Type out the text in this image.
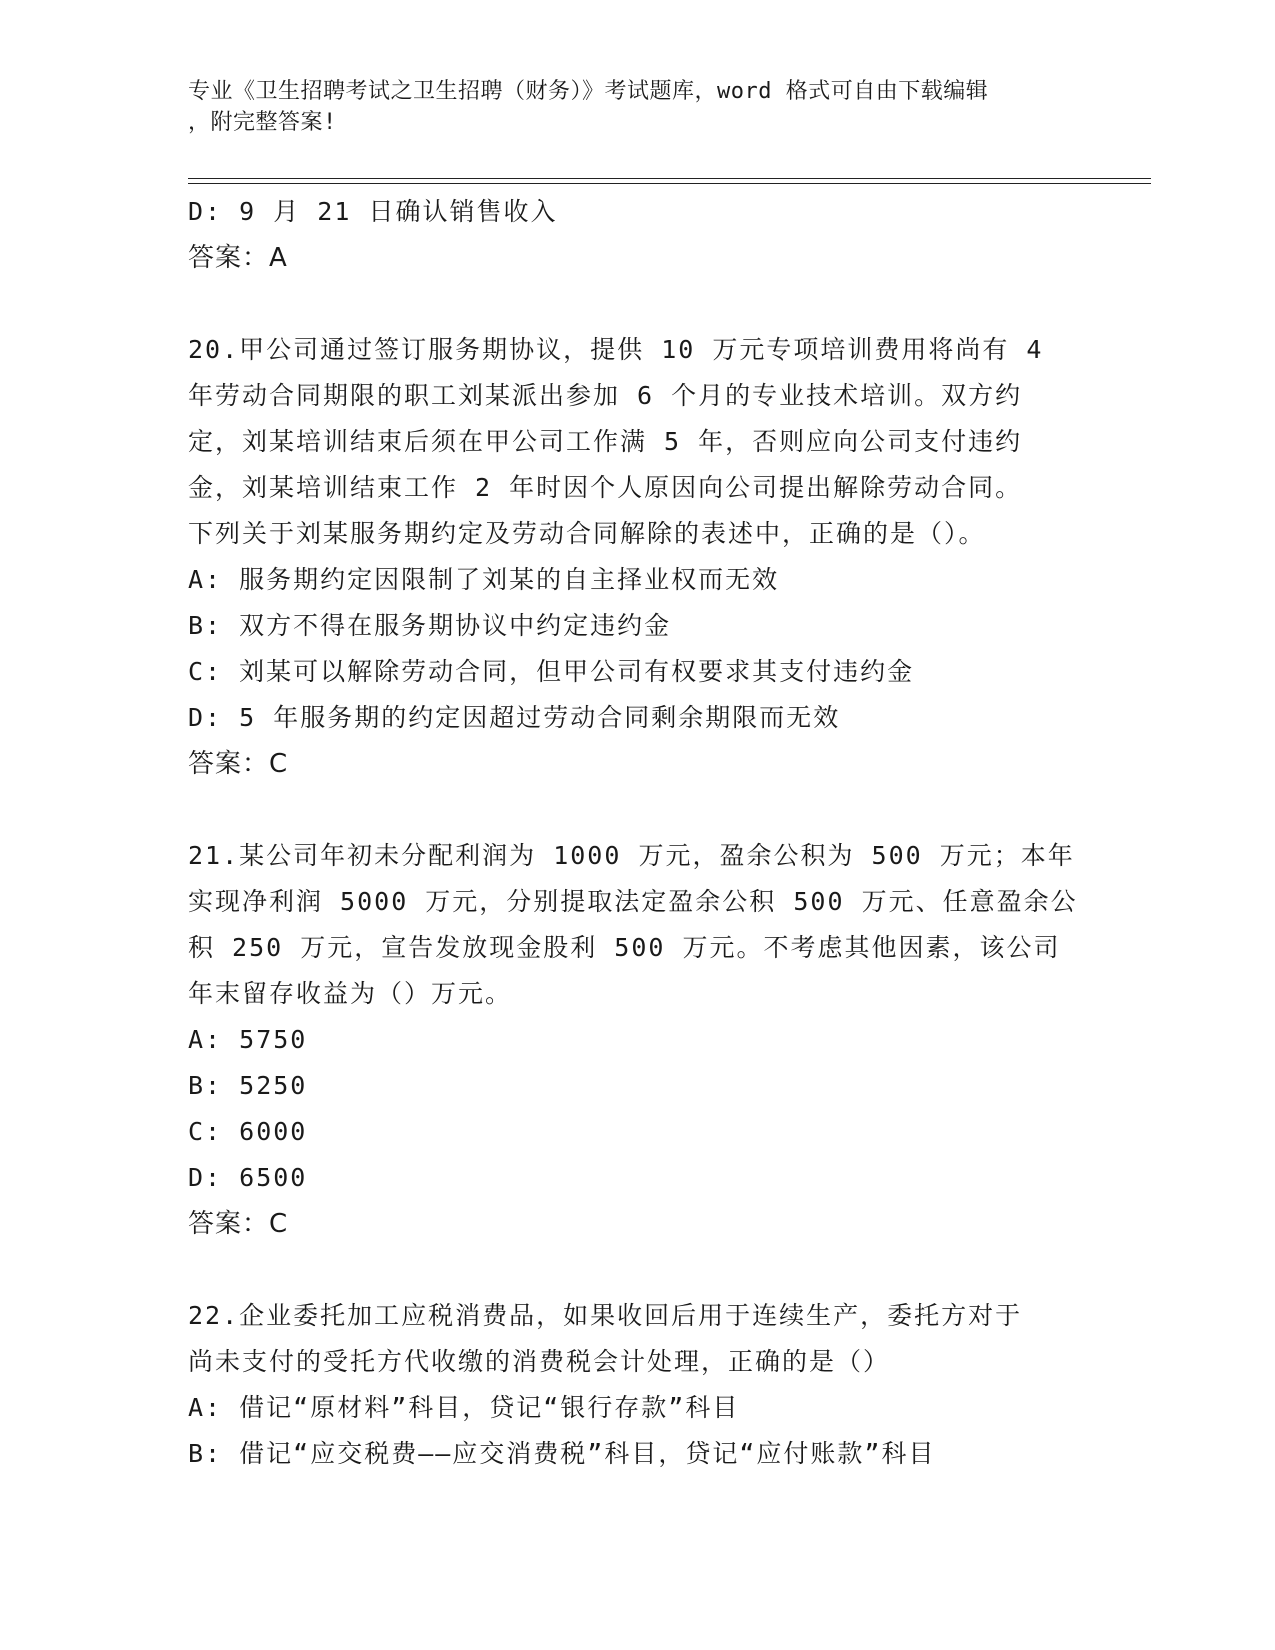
专业《卫生招聘考试之卫生招聘（财务）》考试题库，word 格式可自由下载编辑
，附完整答案!
D: 9 月 21 日确认销售收入
答案：A
20.甲公司通过签订服务期协议，提供 10 万元专项培训费用将尚有 4
年劳动合同期限的职工刘某派出参加 6 个月的专业技术培训。双方约
定，刘某培训结束后须在甲公司工作满 5 年，否则应向公司支付违约
金，刘某培训结束工作 2 年时因个人原因向公司提出解除劳动合同。
下列关于刘某服务期约定及劳动合同解除的表述中，正确的是（）。
A: 服务期约定因限制了刘某的自主择业权而无效
B: 双方不得在服务期协议中约定违约金
C: 刘某可以解除劳动合同，但甲公司有权要求其支付违约金
D: 5 年服务期的约定因超过劳动合同剩余期限而无效
答案：C
21.某公司年初未分配利润为 1000 万元，盈余公积为 500 万元；本年
实现净利润 5000 万元，分别提取法定盈余公积 500 万元、任意盈余公
积 250 万元，宣告发放现金股利 500 万元。不考虑其他因素，该公司
年末留存收益为（）万元。
A: 5750
B: 5250
C: 6000
D: 6500
答案：C
22.企业委托加工应税消费品，如果收回后用于连续生产，委托方对于
尚未支付的受托方代收缴的消费税会计处理，正确的是（）
A: 借记“原材料”科目，贷记“银行存款”科目
B: 借记“应交税费——应交消费税”科目，贷记“应付账款”科目
